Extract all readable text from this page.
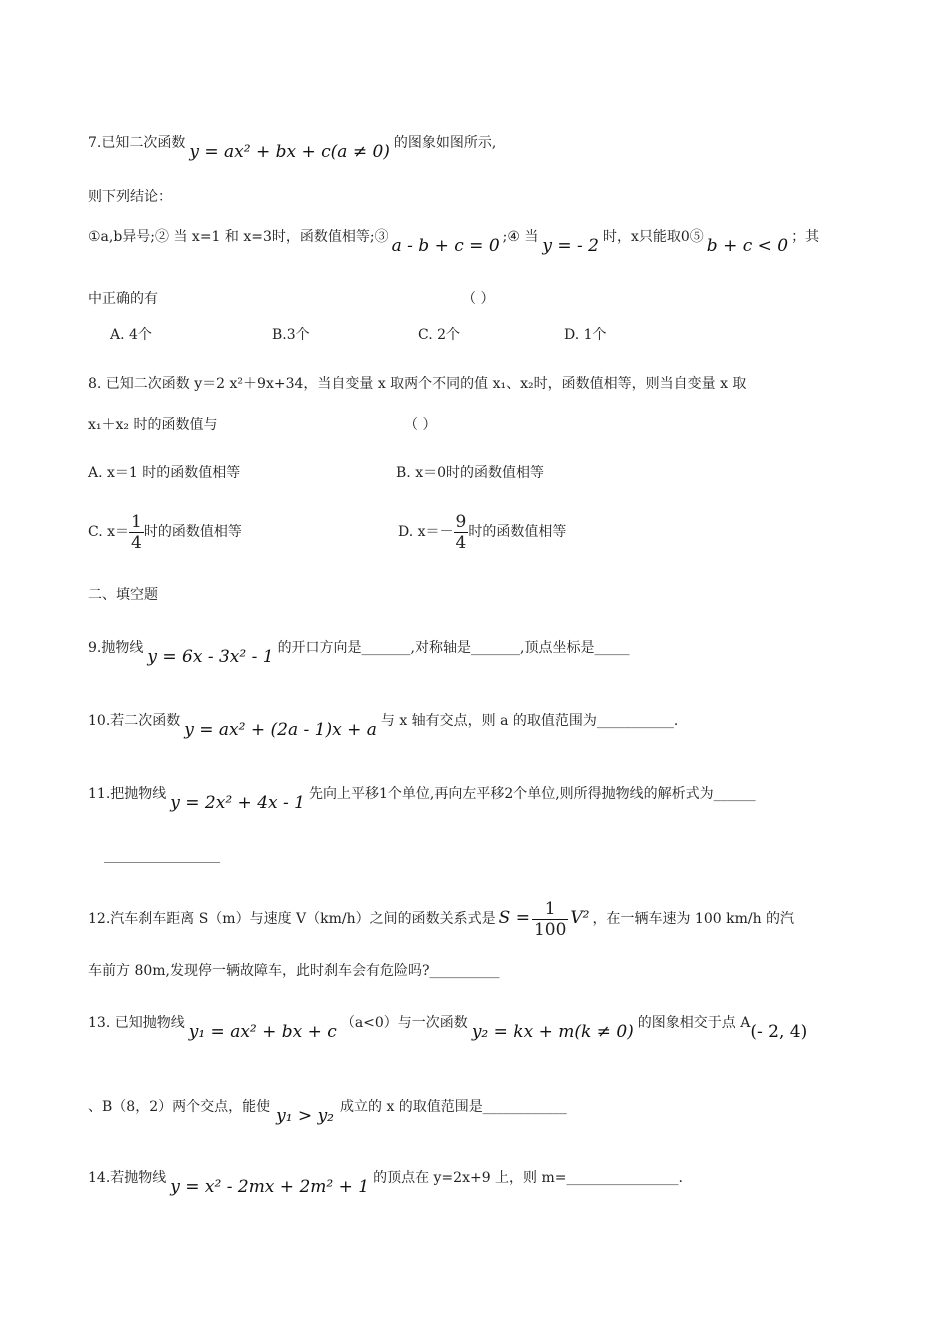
7.已知二次函数 y = ax² + bx + c(a ≠ 0) 的图象如图所示,
则下列结论：
①a,b异号;② 当 x=1 和 x=3时，函数值相等;③ a - b + c = 0 ;④ 当 y = - 2 时，x只能取0⑤ b + c < 0 ；其
中正确的有	（ ）
A. 4个	B.3个	C. 2个	D. 1个
8. 已知二次函数 y＝2 x²＋9x+34，当自变量 x 取两个不同的值 x₁、x₂时，函数值相等，则当自变量 x 取
x₁＋x₂ 时的函数值与	（ ）
A. x＝1 时的函数值相等	B. x＝0时的函数值相等
C. $x= \frac{1}{4}$ 时的函数值相等	D. $x=- \frac{9}{4}$ 时的函数值相等
二、填空题
9.抛物线 y = 6x - 3x² - 1 的开口方向是_______,对称轴是_______,顶点坐标是_____
10.若二次函数 y = ax² + (2a - 1)x + a 与 x 轴有交点，则 a 的取值范围为___________.
11.把抛物线 y = 2x² + 4x - 1 先向上平移1个单位,再向左平移2个单位,则所得抛物线的解析式为______
12.汽车刹车距离 S（m）与速度 V（km/h）之间的函数关系式是 $S = \frac{1}{100} V^2$ ，在一辆车速为 100 km/h 的汽
车前方 80m,发现停一辆故障车，此时刹车会有危险吗?__________
13. 已知抛物线 y₁ = ax² + bx + c （a<0）与一次函数 y₂ = kx + m(k ≠ 0) 的图象相交于点 A(- 2, 4)
、B（8，2）两个交点，能使 y₁ > y₂ 成立的 x 的取值范围是____________
14.若抛物线 y = x² - 2mx + 2m² + 1 的顶点在 y=2x+9 上，则 m=________________.
